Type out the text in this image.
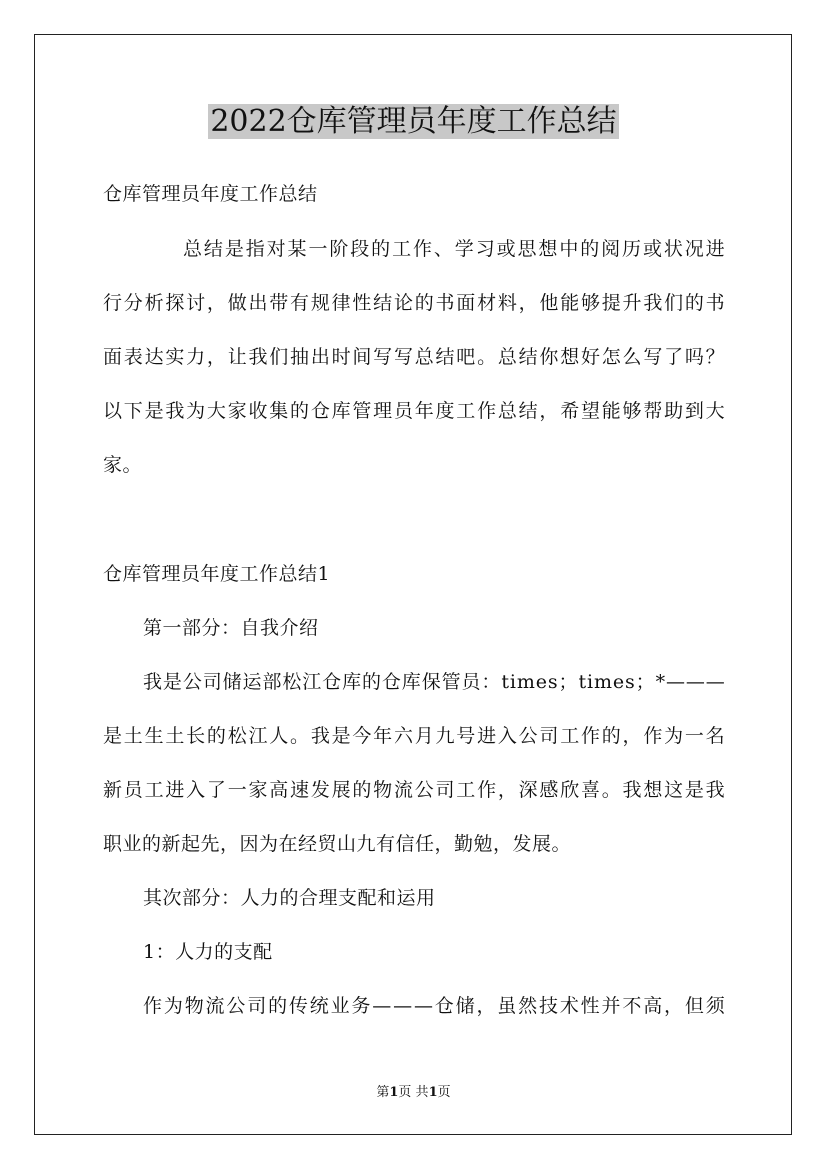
2022仓库管理员年度工作总结
仓库管理员年度工作总结
总 结 是 指 对 某 一 阶 段 的 工 作 、 学 习 或 思 想 中 的 阅 历 或 状 况 进
行 分 析 探 讨 ， 做 出 带 有 规 律 性 结 论 的 书 面 材 料 ， 他 能 够 提 升 我 们 的 书
面 表 达 实 力 ， 让 我 们 抽 出 时 间 写 写 总 结 吧 。 总 结 你 想 好 怎 么 写 了 吗 ？
以 下 是 我 为 大 家 收 集 的 仓 库 管 理 员 年 度 工 作 总 结 ， 希 望 能 够 帮 助 到 大
家。
仓库管理员年度工作总结1
第一部分：自我介绍
我 是 公 司 储 运 部 松 江 仓 库 的 仓 库 保 管 员 ： t i m e s ； t i m e s ； * — — —
是 土 生 土 长 的 松 江 人 。 我 是 今 年 六 月 九 号 进 入 公 司 工 作 的 ， 作 为 一 名
新 员 工 进 入 了 一 家 高 速 发 展 的 物 流 公 司 工 作 ， 深 感 欣 喜 。 我 想 这 是 我
职业的新起先，因为在经贸山九有信任，勤勉，发展。
其次部分：人力的合理支配和运用
1：人力的支配
作 为 物 流 公 司 的 传 统 业 务 — — — 仓 储 ， 虽 然 技 术 性 并 不 高 ， 但 须
第1页 共1页
